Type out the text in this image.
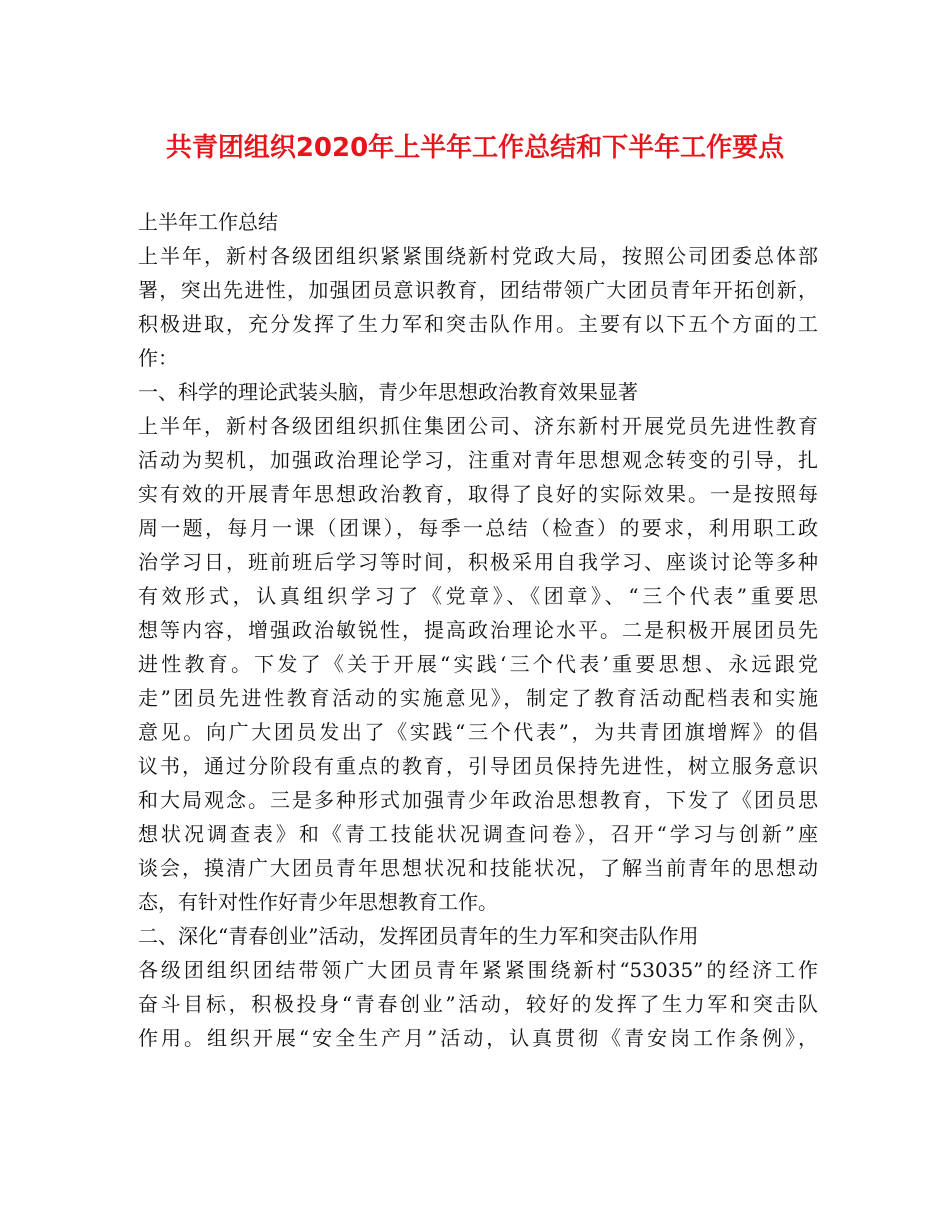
共青团组织2020年上半年工作总结和下半年工作要点
上半年工作总结
上半年，新村各级团组织紧紧围绕新村党政大局，按照公司团委总体部
署，突出先进性，加强团员意识教育，团结带领广大团员青年开拓创新，
积极进取，充分发挥了生力军和突击队作用。主要有以下五个方面的工
作：
一、科学的理论武装头脑，青少年思想政治教育效果显著
上半年，新村各级团组织抓住集团公司、济东新村开展党员先进性教育
活动为契机，加强政治理论学习，注重对青年思想观念转变的引导，扎
实有效的开展青年思想政治教育，取得了良好的实际效果。一是按照每
周一题，每月一课（团课），每季一总结（检查）的要求，利用职工政
治学习日，班前班后学习等时间，积极采用自我学习、座谈讨论等多种
有效形式，认真组织学习了《党章》、《团章》、“三个代表”重要思
想等内容，增强政治敏锐性，提高政治理论水平。二是积极开展团员先
进性教育。下发了《关于开展“实践‘三个代表’重要思想、永远跟党
走”团员先进性教育活动的实施意见》，制定了教育活动配档表和实施
意见。向广大团员发出了《实践“三个代表”，为共青团旗增辉》的倡
议书，通过分阶段有重点的教育，引导团员保持先进性，树立服务意识
和大局观念。三是多种形式加强青少年政治思想教育，下发了《团员思
想状况调查表》和《青工技能状况调查问卷》，召开“学习与创新”座
谈会，摸清广大团员青年思想状况和技能状况，了解当前青年的思想动
态，有针对性作好青少年思想教育工作。
二、深化“青春创业”活动，发挥团员青年的生力军和突击队作用
各级团组织团结带领广大团员青年紧紧围绕新村“53035”的经济工作
奋斗目标，积极投身“青春创业”活动，较好的发挥了生力军和突击队
作用。组织开展“安全生产月”活动，认真贯彻《青安岗工作条例》，
